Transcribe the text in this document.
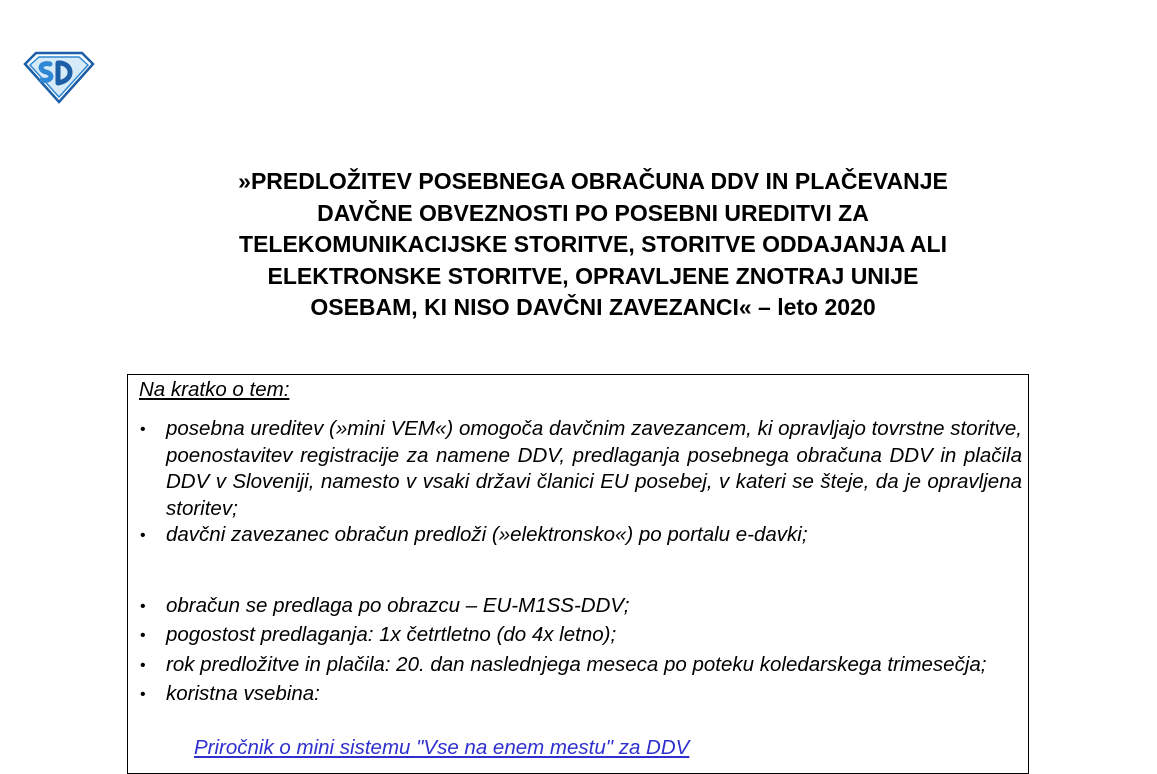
»PREDLOŽITEV POSEBNEGA OBRAČUNA DDV IN PLAČEVANJE
DAVČNE OBVEZNOSTI PO POSEBNI UREDITVI ZA
TELEKOMUNIKACIJSKE STORITVE, STORITVE ODDAJANJA ALI
ELEKTRONSKE STORITVE, OPRAVLJENE ZNOTRAJ UNIJE
OSEBAM, KI NISO DAVČNI ZAVEZANCI« – leto 2020
Na kratko o tem:
• posebna ureditev (»mini VEM«) omogoča davčnim zavezancem, ki opravljajo tovrstne storitve, poenostavitev registracije za namene DDV, predlaganja posebnega obračuna DDV in plačila DDV v Sloveniji, namesto v vsaki državi članici EU posebej, v kateri se šteje, da je opravljena storitev;
• davčni zavezanec obračun predloži (»elektronsko«) po portalu e-davki;
• obračun se predlaga po obrazcu – EU-M1SS-DDV;
• pogostost predlaganja: 1x četrtletno (do 4x letno);
• rok predložitve in plačila: 20. dan naslednjega meseca po poteku koledarskega trimesečja;
• koristna vsebina:
Priročnik o mini sistemu "Vse na enem mestu" za DDV
